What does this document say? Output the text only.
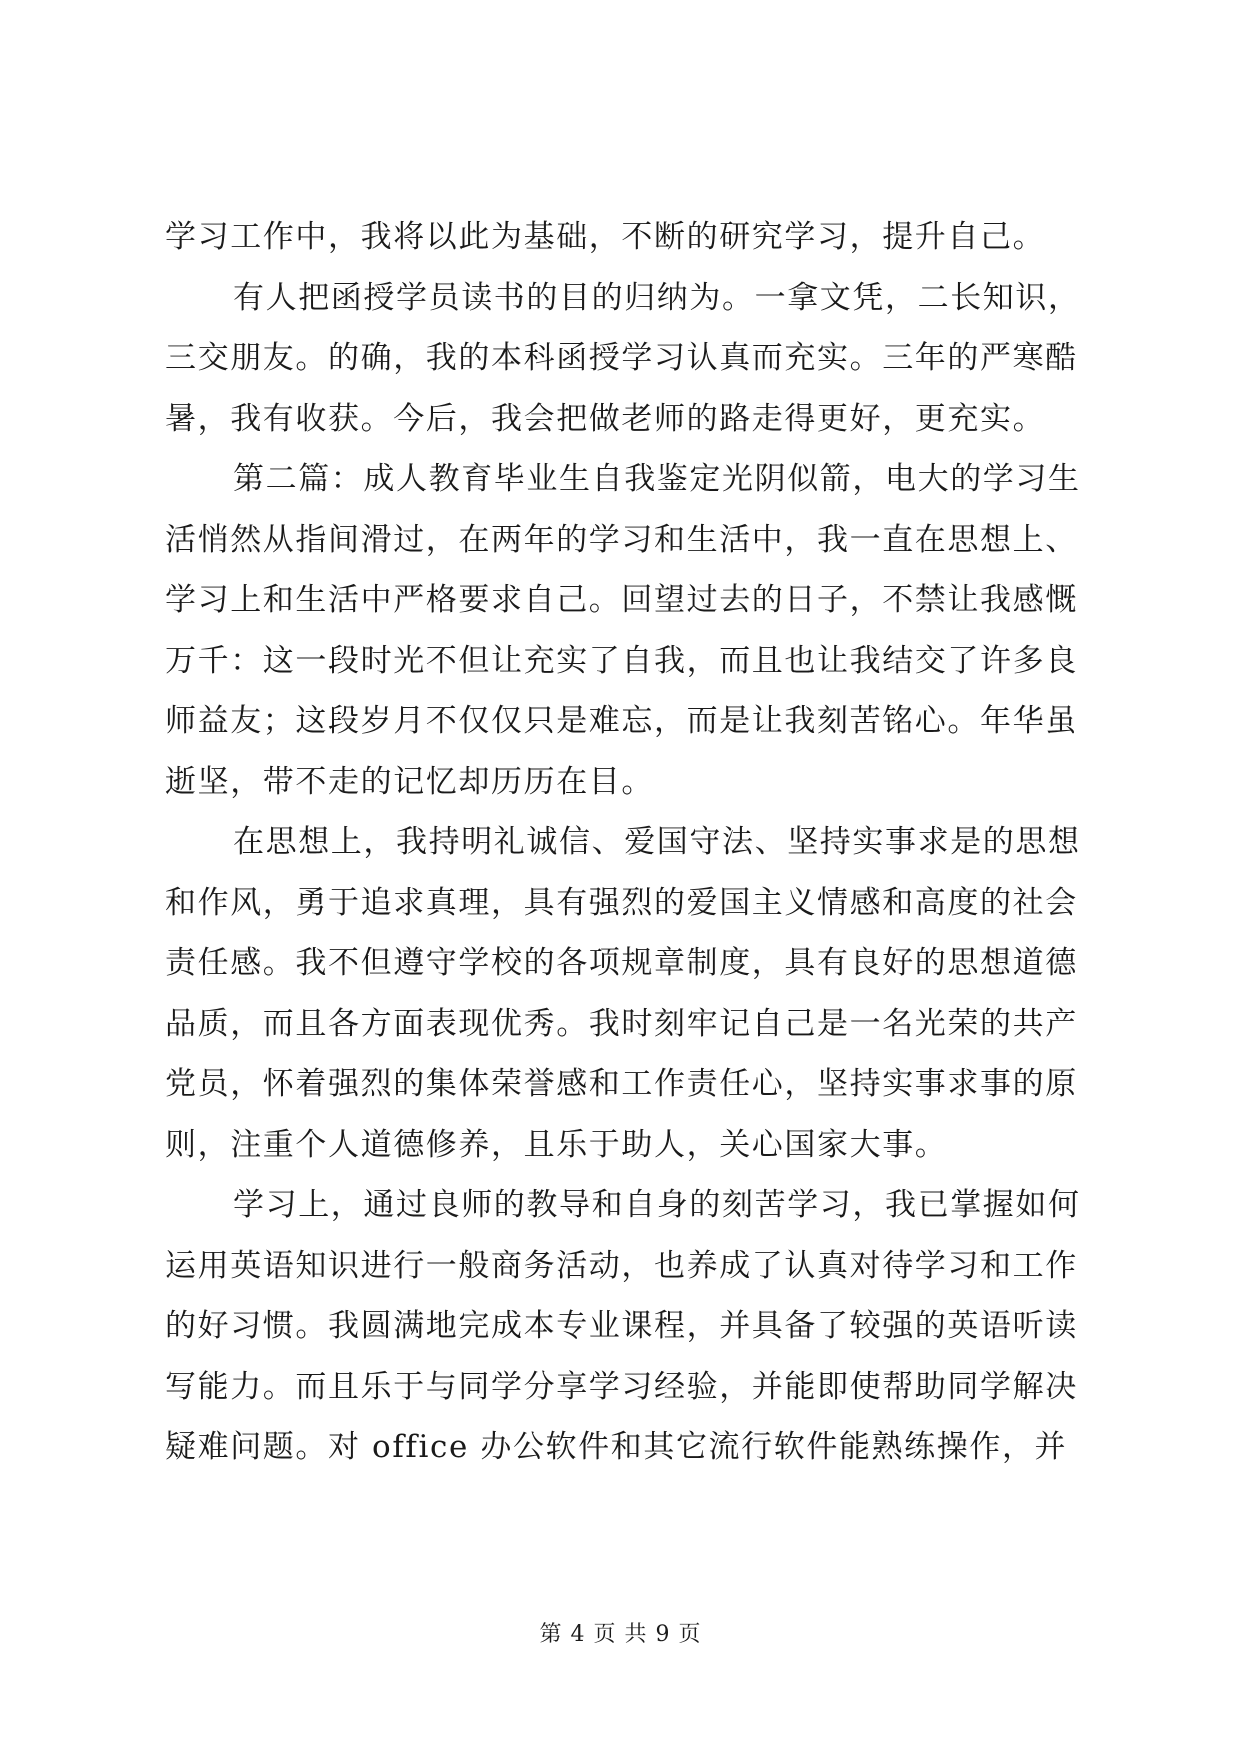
学习工作中，我将以此为基础，不断的研究学习，提升自己。
有人把函授学员读书的目的归纳为。一拿文凭，二长知识，
三交朋友。的确，我的本科函授学习认真而充实。三年的严寒酷
暑，我有收获。今后，我会把做老师的路走得更好，更充实。
第二篇：成人教育毕业生自我鉴定光阴似箭，电大的学习生
活悄然从指间滑过，在两年的学习和生活中，我一直在思想上、
学习上和生活中严格要求自己。回望过去的日子，不禁让我感慨
万千：这一段时光不但让充实了自我，而且也让我结交了许多良
师益友；这段岁月不仅仅只是难忘，而是让我刻苦铭心。年华虽
逝坚，带不走的记忆却历历在目。
在思想上，我持明礼诚信、爱国守法、坚持实事求是的思想
和作风，勇于追求真理，具有强烈的爱国主义情感和高度的社会
责任感。我不但遵守学校的各项规章制度，具有良好的思想道德
品质，而且各方面表现优秀。我时刻牢记自己是一名光荣的共产
党员，怀着强烈的集体荣誉感和工作责任心，坚持实事求事的原
则，注重个人道德修养，且乐于助人，关心国家大事。
学习上，通过良师的教导和自身的刻苦学习，我已掌握如何
运用英语知识进行一般商务活动，也养成了认真对待学习和工作
的好习惯。我圆满地完成本专业课程，并具备了较强的英语听读
写能力。而且乐于与同学分享学习经验，并能即使帮助同学解决
疑难问题。对 office 办公软件和其它流行软件能熟练操作，并
第 4 页 共 9 页
